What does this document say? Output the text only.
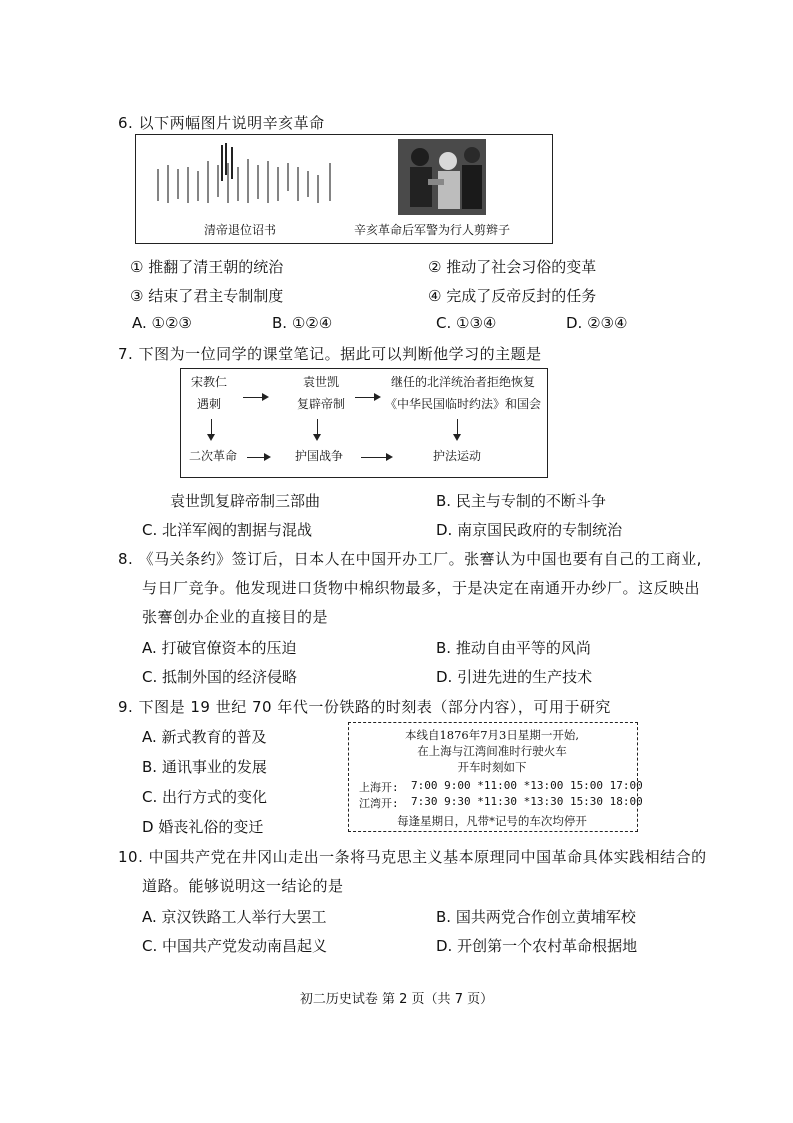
6. 以下两幅图片说明辛亥革命
清帝退位诏书	辛亥革命后军警为行人剪辫子
① 推翻了清王朝的统治	② 推动了社会习俗的变革
③ 结束了君主专制制度	④ 完成了反帝反封的任务
A. ①②③	B. ①②④	C. ①③④	D. ②③④
7. 下图为一位同学的课堂笔记。据此可以判断他学习的主题是
宋教仁
遇刺
袁世凯
复辟帝制
继任的北洋统治者拒绝恢复
《中华民国临时约法》和国会
二次革命	护国战争	护法运动
袁世凯复辟帝制三部曲	B. 民主与专制的不断斗争
C. 北洋军阀的割据与混战	D. 南京国民政府的专制统治
8. 《马关条约》签订后，日本人在中国开办工厂。张謇认为中国也要有自己的工商业,
与日厂竞争。他发现进口货物中棉织物最多，于是决定在南通开办纱厂。这反映出
张謇创办企业的直接目的是
A. 打破官僚资本的压迫	B. 推动自由平等的风尚
C. 抵制外国的经济侵略	D. 引进先进的生产技术
9. 下图是 19 世纪 70 年代一份铁路的时刻表（部分内容），可用于研究
A. 新式教育的普及
B. 通讯事业的发展
C. 出行方式的变化
D 婚丧礼俗的变迁
本线自1876年7月3日星期一开始,
在上海与江湾间准时行驶火车
开车时刻如下
上海开: 7:00 9:00 *11:00 *13:00 15:00 17:00
江湾开: 7:30 9:30 *11:30 *13:30 15:30 18:00
每逢星期日，凡带*记号的车次均停开
10. 中国共产党在井冈山走出一条将马克思主义基本原理同中国革命具体实践相结合的
道路。能够说明这一结论的是
A. 京汉铁路工人举行大罢工	B. 国共两党合作创立黄埔军校
C. 中国共产党发动南昌起义	D. 开创第一个农村革命根据地
初二历史试卷 第 2 页（共 7 页）
